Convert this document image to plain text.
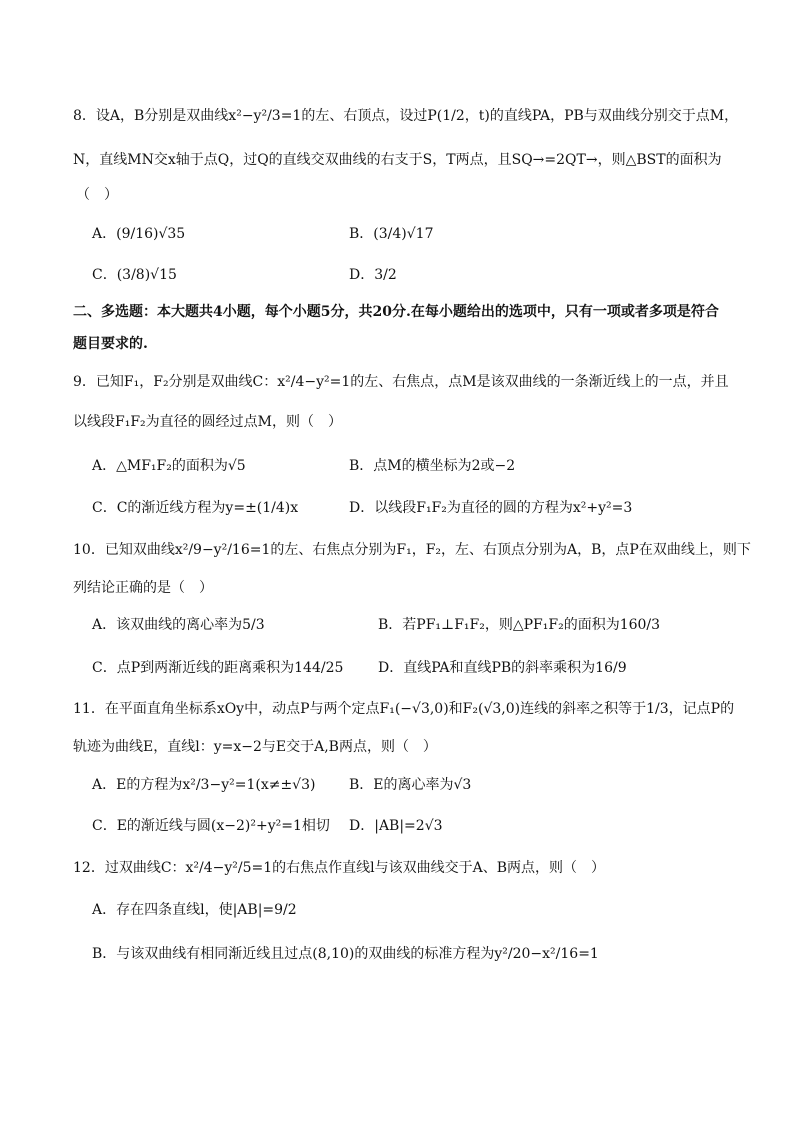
8．设A，B分别是双曲线x²−y²/3=1的左、右顶点，设过P(1/2，t)的直线PA，PB与双曲线分别交于点M，
N，直线MN交x轴于点Q，过Q的直线交双曲线的右支于S，T两点，且SQ→=2QT→，则△BST的面积为
（　）
A．(9/16)√35	B．(3/4)√17
C．(3/8)√15	D．3/2
二、多选题：本大题共4小题，每个小题5分，共20分.在每小题给出的选项中，只有一项或者多项是符合
题目要求的.
9．已知F₁，F₂分别是双曲线C：x²/4−y²=1的左、右焦点，点M是该双曲线的一条渐近线上的一点，并且
以线段F₁F₂为直径的圆经过点M，则（　）
A．△MF₁F₂的面积为√5	B．点M的横坐标为2或−2
C．C的渐近线方程为y=±(1/4)x	D．以线段F₁F₂为直径的圆的方程为x²+y²=3
10．已知双曲线x²/9−y²/16=1的左、右焦点分别为F₁，F₂，左、右顶点分别为A，B，点P在双曲线上，则下
列结论正确的是（　）
A．该双曲线的离心率为5/3	B．若PF₁⊥F₁F₂，则△PF₁F₂的面积为160/3
C．点P到两渐近线的距离乘积为144/25 D．直线PA和直线PB的斜率乘积为16/9
11．在平面直角坐标系xOy中，动点P与两个定点F₁(−√3,0)和F₂(√3,0)连线的斜率之积等于1/3，记点P的
轨迹为曲线E，直线l：y=x−2与E交于A,B两点，则（　）
A．E的方程为x²/3−y²=1(x≠±√3) B．E的离心率为√3
C．E的渐近线与圆(x−2)²+y²=1相切 D．|AB|=2√3
12．过双曲线C：x²/4−y²/5=1的右焦点作直线l与该双曲线交于A、B两点，则（　）
A．存在四条直线l，使|AB|=9/2
B．与该双曲线有相同渐近线且过点(8,10)的双曲线的标准方程为y²/20−x²/16=1
